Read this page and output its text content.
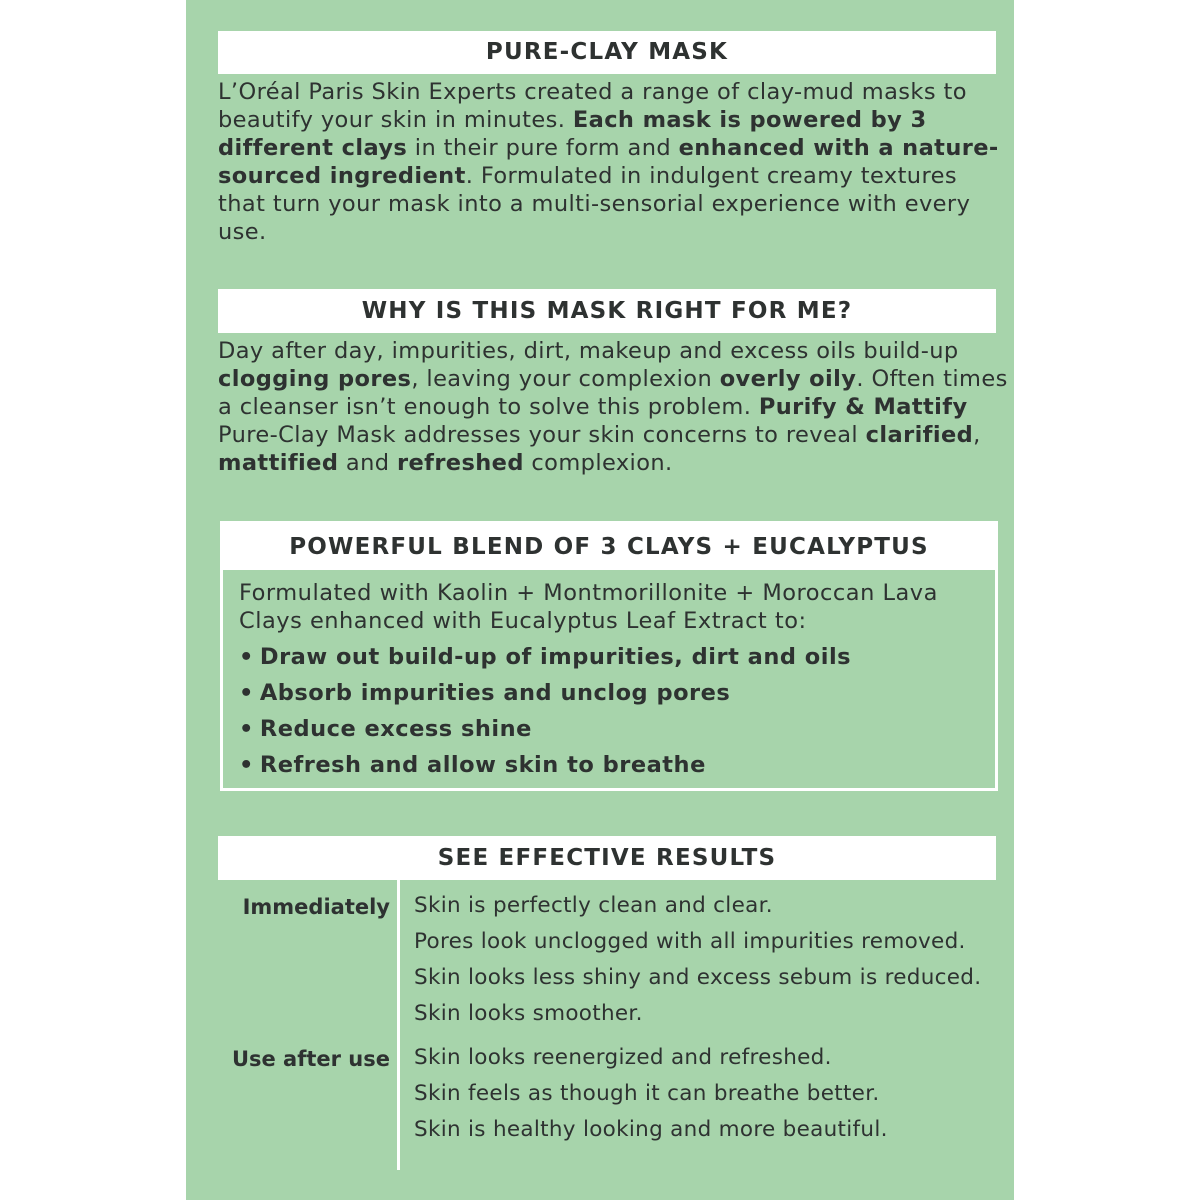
PURE-CLAY MASK

L’Oréal Paris Skin Experts created a range of clay-mud masks to beautify your skin in minutes. Each mask is powered by 3 different clays in their pure form and enhanced with a nature-sourced ingredient. Formulated in indulgent creamy textures that turn your mask into a multi-sensorial experience with every use.

WHY IS THIS MASK RIGHT FOR ME?

Day after day, impurities, dirt, makeup and excess oils build-up clogging pores, leaving your complexion overly oily. Often times a cleanser isn’t enough to solve this problem. Purify & Mattify Pure-Clay Mask addresses your skin concerns to reveal clarified, mattified and refreshed complexion.

POWERFUL BLEND OF 3 CLAYS + EUCALYPTUS

Formulated with Kaolin + Montmorillonite + Moroccan Lava Clays enhanced with Eucalyptus Leaf Extract to:

• Draw out build-up of impurities, dirt and oils
• Absorb impurities and unclog pores
• Reduce excess shine
• Refresh and allow skin to breathe
SEE EFFECTIVE RESULTS
Immediately Skin is perfectly clean and clear.
Pores look unclogged with all impurities removed.
Skin looks less shiny and excess sebum is reduced.
Skin looks smoother.
Use after use Skin looks reenergized and refreshed.
Skin feels as though it can breathe better.
Skin is healthy looking and more beautiful.
